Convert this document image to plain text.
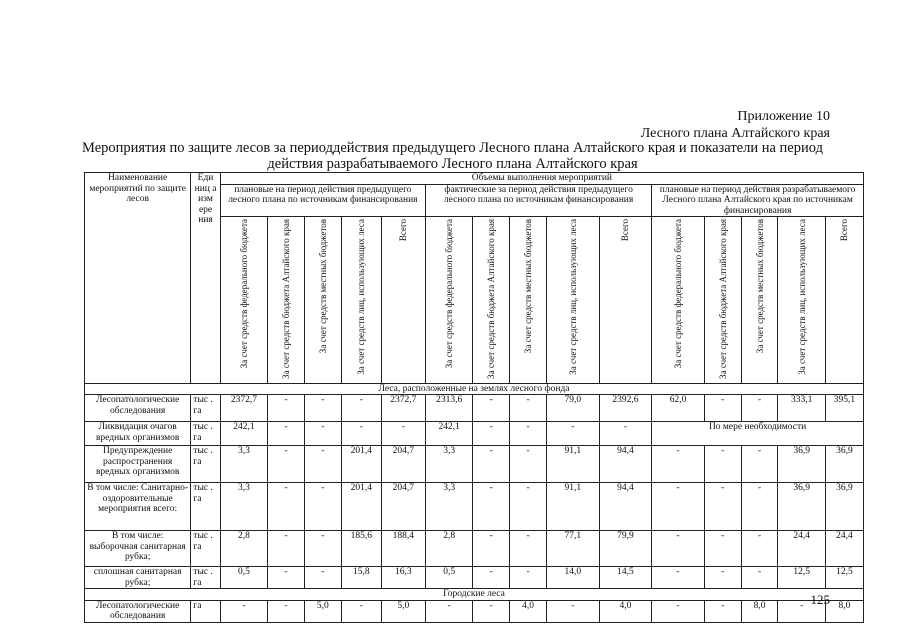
Приложение 10
Лесного плана Алтайского края
Мероприятия по защите лесов за периоддействия предыдущего Лесного плана Алтайского края и показатели на период
действия разрабатываемого Лесного плана Алтайского края
Наименование мероприятий по защите лесов	Еди ниц а изм ере ния	Объемы выполнения мероприятий														
		плановые на период действия предыдущего лесного плана по источникам финансирования					фактические за период действия предыдущего лесного плана по источникам финансирования					плановые на период действия разрабатываемого Лесного плана Алтайского края по источникам финансирования				

		За счет средств федерального бюджета	За счет средств бюджета Алтайского края	За счет средств местных бюджетов	За счет средств лиц, использующих леса	Всего	За счет средств федерального бюджета	За счет средств бюджета Алтайского края	За счет средств местных бюджетов	За счет средств лиц, использующих леса	Всего	За счет средств федерального бюджета	За счет средств бюджета Алтайского края	За счет средств местных бюджетов	За счет средств лиц, использующих леса	Всего

Леса, расположенные на землях лесного фонда																
Лесопатологические обследования	тыс . га	2372,7	-	-	-	2372,7	2313,6	-	-	79,0	2392,6	62,0	-	-	333,1	395,1
Ликвидация очагов вредных организмов	тыс . га	242,1	-	-	-	-	242,1	-	-	-	-	По мере необходимости				
Предупреждение распространения вредных организмов	тыс . га	3,3	-	-	201,4	204,7	3,3	-	-	91,1	94,4	-	-	-	36,9	36,9
В том числе: Санитарно-оздоровительные мероприятия всего:	тыс . га	3,3	-	-	201,4	204,7	3,3	-	-	91,1	94,4	-	-	-	36,9	36,9
В том числе: выборочная санитарная рубка;	тыс . га	2,8	-	-	185,6	188,4	2,8	-	-	77,1	79,9	-	-	-	24,4	24,4
сплошная санитарная рубка;	тыс . га	0,5	-	-	15,8	16,3	0,5	-	-	14,0	14,5	-	-	-	12,5	12,5
Городские леса																
Лесопатологические обследования	га	-	-	5,0	-	5,0	-	-	4,0	-	4,0	-	-	8,0	-	8,0
125
